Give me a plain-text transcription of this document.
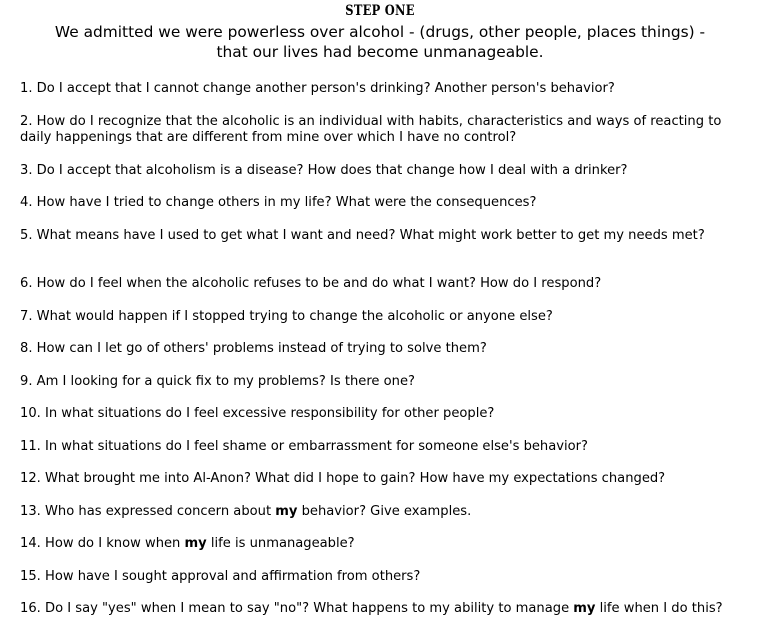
STEP ONE
We admitted we were powerless over alcohol - (drugs, other people, places things) -
that our lives had become unmanageable.
1. Do I accept that I cannot change another person's drinking? Another person's behavior?
2. How do I recognize that the alcoholic is an individual with habits, characteristics and ways of reacting to daily happenings that are different from mine over which I have no control?
3. Do I accept that alcoholism is a disease? How does that change how I deal with a drinker?
4. How have I tried to change others in my life? What were the consequences?
5. What means have I used to get what I want and need? What might work better to get my needs met?
6. How do I feel when the alcoholic refuses to be and do what I want? How do I respond?
7. What would happen if I stopped trying to change the alcoholic or anyone else?
8. How can I let go of others' problems instead of trying to solve them?
9. Am I looking for a quick fix to my problems? Is there one?
10. In what situations do I feel excessive responsibility for other people?
11. In what situations do I feel shame or embarrassment for someone else's behavior?
12. What brought me into Al-Anon? What did I hope to gain? How have my expectations changed?
13. Who has expressed concern about my behavior? Give examples.
14. How do I know when my life is unmanageable?
15. How have I sought approval and affirmation from others?
16. Do I say "yes" when I mean to say "no"? What happens to my ability to manage my life when I do this?
